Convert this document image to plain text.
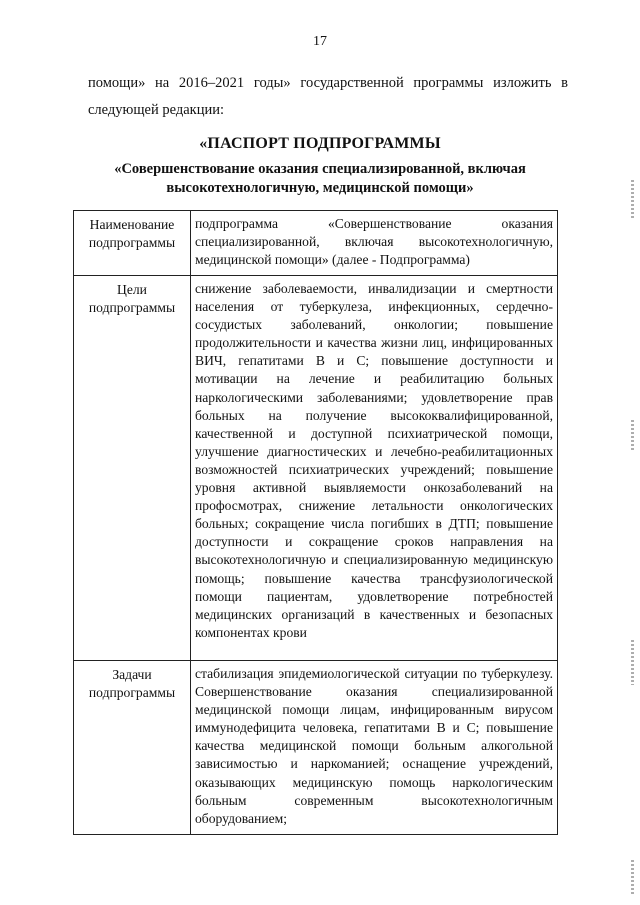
17
помощи» на 2016–2021 годы» государственной программы изложить в следующей редакции:
«ПАСПОРТ ПОДПРОГРАММЫ
«Совершенствование оказания специализированной, включая высокотехнологичную, медицинской помощи»
Наименование подпрограммы	подпрограмма «Совершенствование оказания специализированной, включая высокотехнологичную, медицинской помощи» (далее - Подпрограмма)

Цели подпрограммы	снижение заболеваемости, инвалидизации и смертности населения от туберкулеза, инфекционных, сердечно-сосудистых заболеваний, онкологии; повышение продолжительности и качества жизни лиц, инфицированных ВИЧ, гепатитами В и С; повышение доступности и мотивации на лечение и реабилитацию больных наркологическими заболеваниями; удовлетворение прав больных на получение высококвалифицированной, качественной и доступной психиатрической помощи, улучшение диагностических и лечебно-реабилитационных возможностей психиатрических учреждений; повышение уровня активной выявляемости онкозаболеваний на профосмотрах, снижение летальности онкологических больных; сокращение числа погибших в ДТП; повышение доступности и сокращение сроков направления на высокотехнологичную и специализированную медицинскую помощь; повышение качества трансфузиологической помощи пациентам, удовлетворение потребностей медицинских организаций в качественных и безопасных компонентах крови

Задачи подпрограммы	стабилизация эпидемиологической ситуации по туберкулезу. Совершенствование оказания специализированной медицинской помощи лицам, инфицированным вирусом иммунодефицита человека, гепатитами В и С; повышение качества медицинской помощи больным алкогольной зависимостью и наркоманией; оснащение учреждений, оказывающих медицинскую помощь наркологическим больным современным высокотехнологичным оборудованием;
